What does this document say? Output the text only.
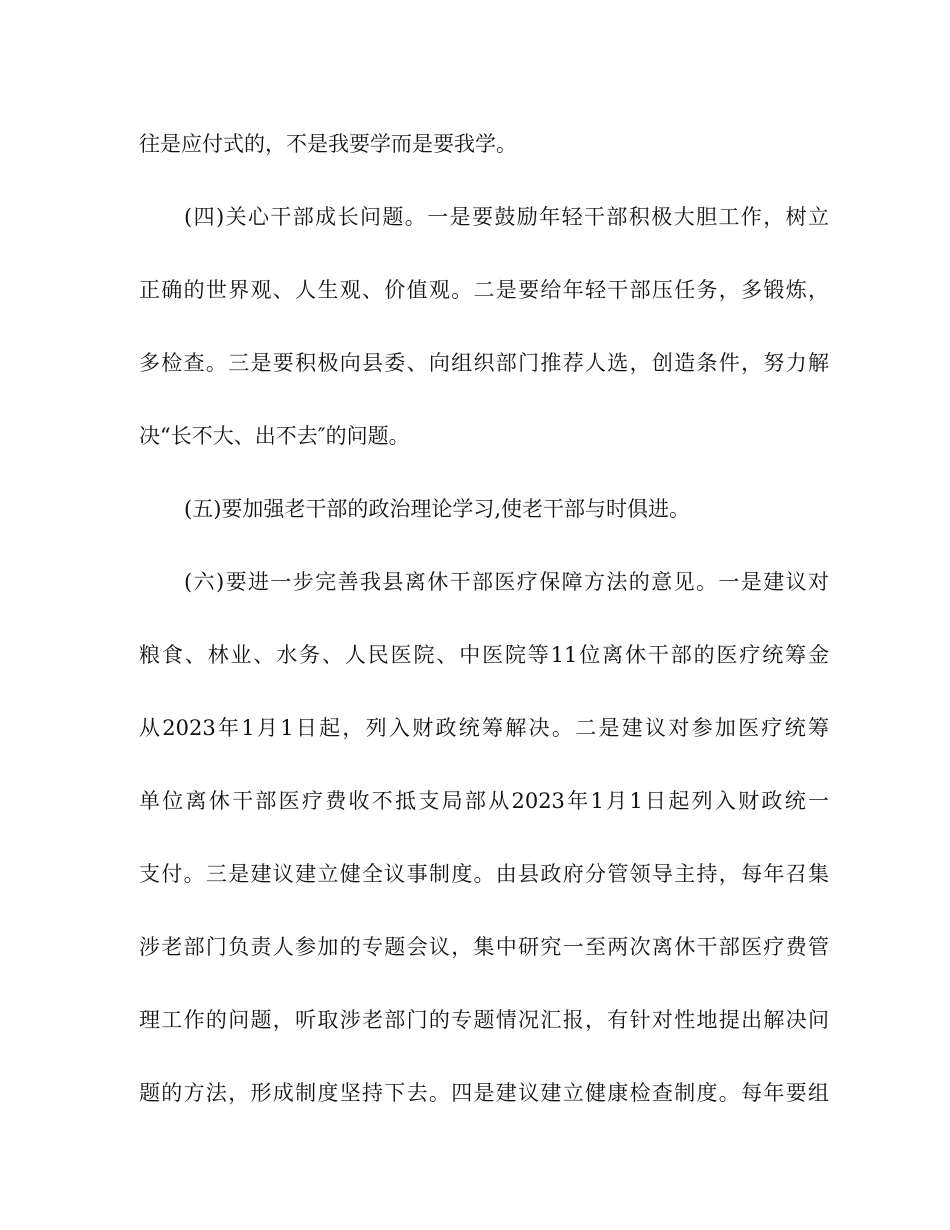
往是应付式的，不是我要学而是要我学。
(四)关心干部成长问题。一是要鼓励年轻干部积极大胆工作，树立
正确的世界观、人生观、价值观。二是要给年轻干部压任务，多锻炼，
多检查。三是要积极向县委、向组织部门推荐人选，创造条件，努力解
决“长不大、出不去″的问题。
(五)要加强老干部的政治理论学习,使老干部与时俱进。
(六)要进一步完善我县离休干部医疗保障方法的意见。一是建议对
粮食、林业、水务、人民医院、中医院等11位离休干部的医疗统筹金
从2023年1月1日起，列入财政统筹解决。二是建议对参加医疗统筹
单位离休干部医疗费收不抵支局部从2023年1月1日起列入财政统一
支付。三是建议建立健全议事制度。由县政府分管领导主持，每年召集
涉老部门负责人参加的专题会议，集中研究一至两次离休干部医疗费管
理工作的问题，听取涉老部门的专题情况汇报，有针对性地提出解决问
题的方法，形成制度坚持下去。四是建议建立健康检查制度。每年要组
